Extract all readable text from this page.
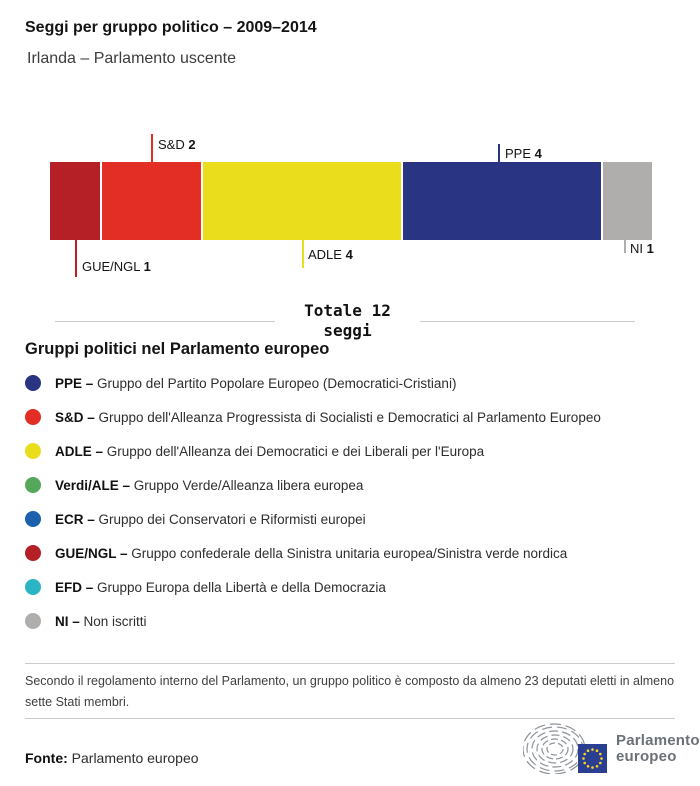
Seggi per gruppo politico – 2009–2014
Irlanda – Parlamento uscente
S&D 2
PPE 4
GUE/NGL 1
ADLE 4	NI 1
Totale 12
seggi
Gruppi politici nel Parlamento europeo
PPE – Gruppo del Partito Popolare Europeo (Democratici-Cristiani)
S&D – Gruppo dell'Alleanza Progressista di Socialisti e Democratici al Parlamento Europeo
ADLE – Gruppo dell'Alleanza dei Democratici e dei Liberali per l'Europa
Verdi/ALE – Gruppo Verde/Alleanza libera europea
ECR – Gruppo dei Conservatori e Riformisti europei
GUE/NGL – Gruppo confederale della Sinistra unitaria europea/Sinistra verde nordica
EFD – Gruppo Europa della Libertà e della Democrazia
NI – Non iscritti
Secondo il regolamento interno del Parlamento, un gruppo politico è composto da almeno 23 deputati eletti in almeno sette Stati membri.
Fonte: Parlamento europeo
Parlamento
europeo
